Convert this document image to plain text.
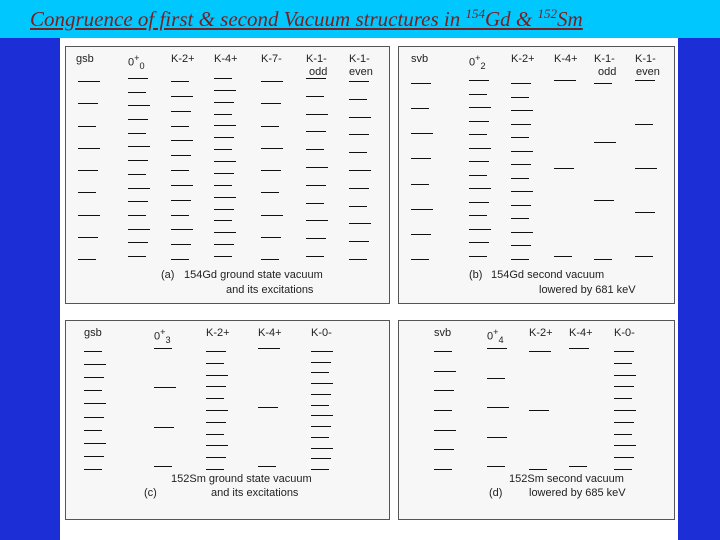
Congruence of first & second Vacuum structures in $^{154}$Gd & $^{152}$Sm
gsb	$0^+_0$
K-2+ K-4+ K-7- K-1- K-1-
odd even
(a) 154Gd ground state vacuum
and its excitations
svb	$0^+_2$
K-2+ K-4+ K-1- K-1-
odd even
(b) 154Gd second vacuum
lowered by 681 keV
gsb	$0^+_3$
K-2+	K-4+	K-0-
(c)
152Sm ground state vacuum
and its excitations
svb	$0^+_4$
K-2+ K-4+ K-0-
(d)
152Sm second vacuum
lowered by 685 keV
